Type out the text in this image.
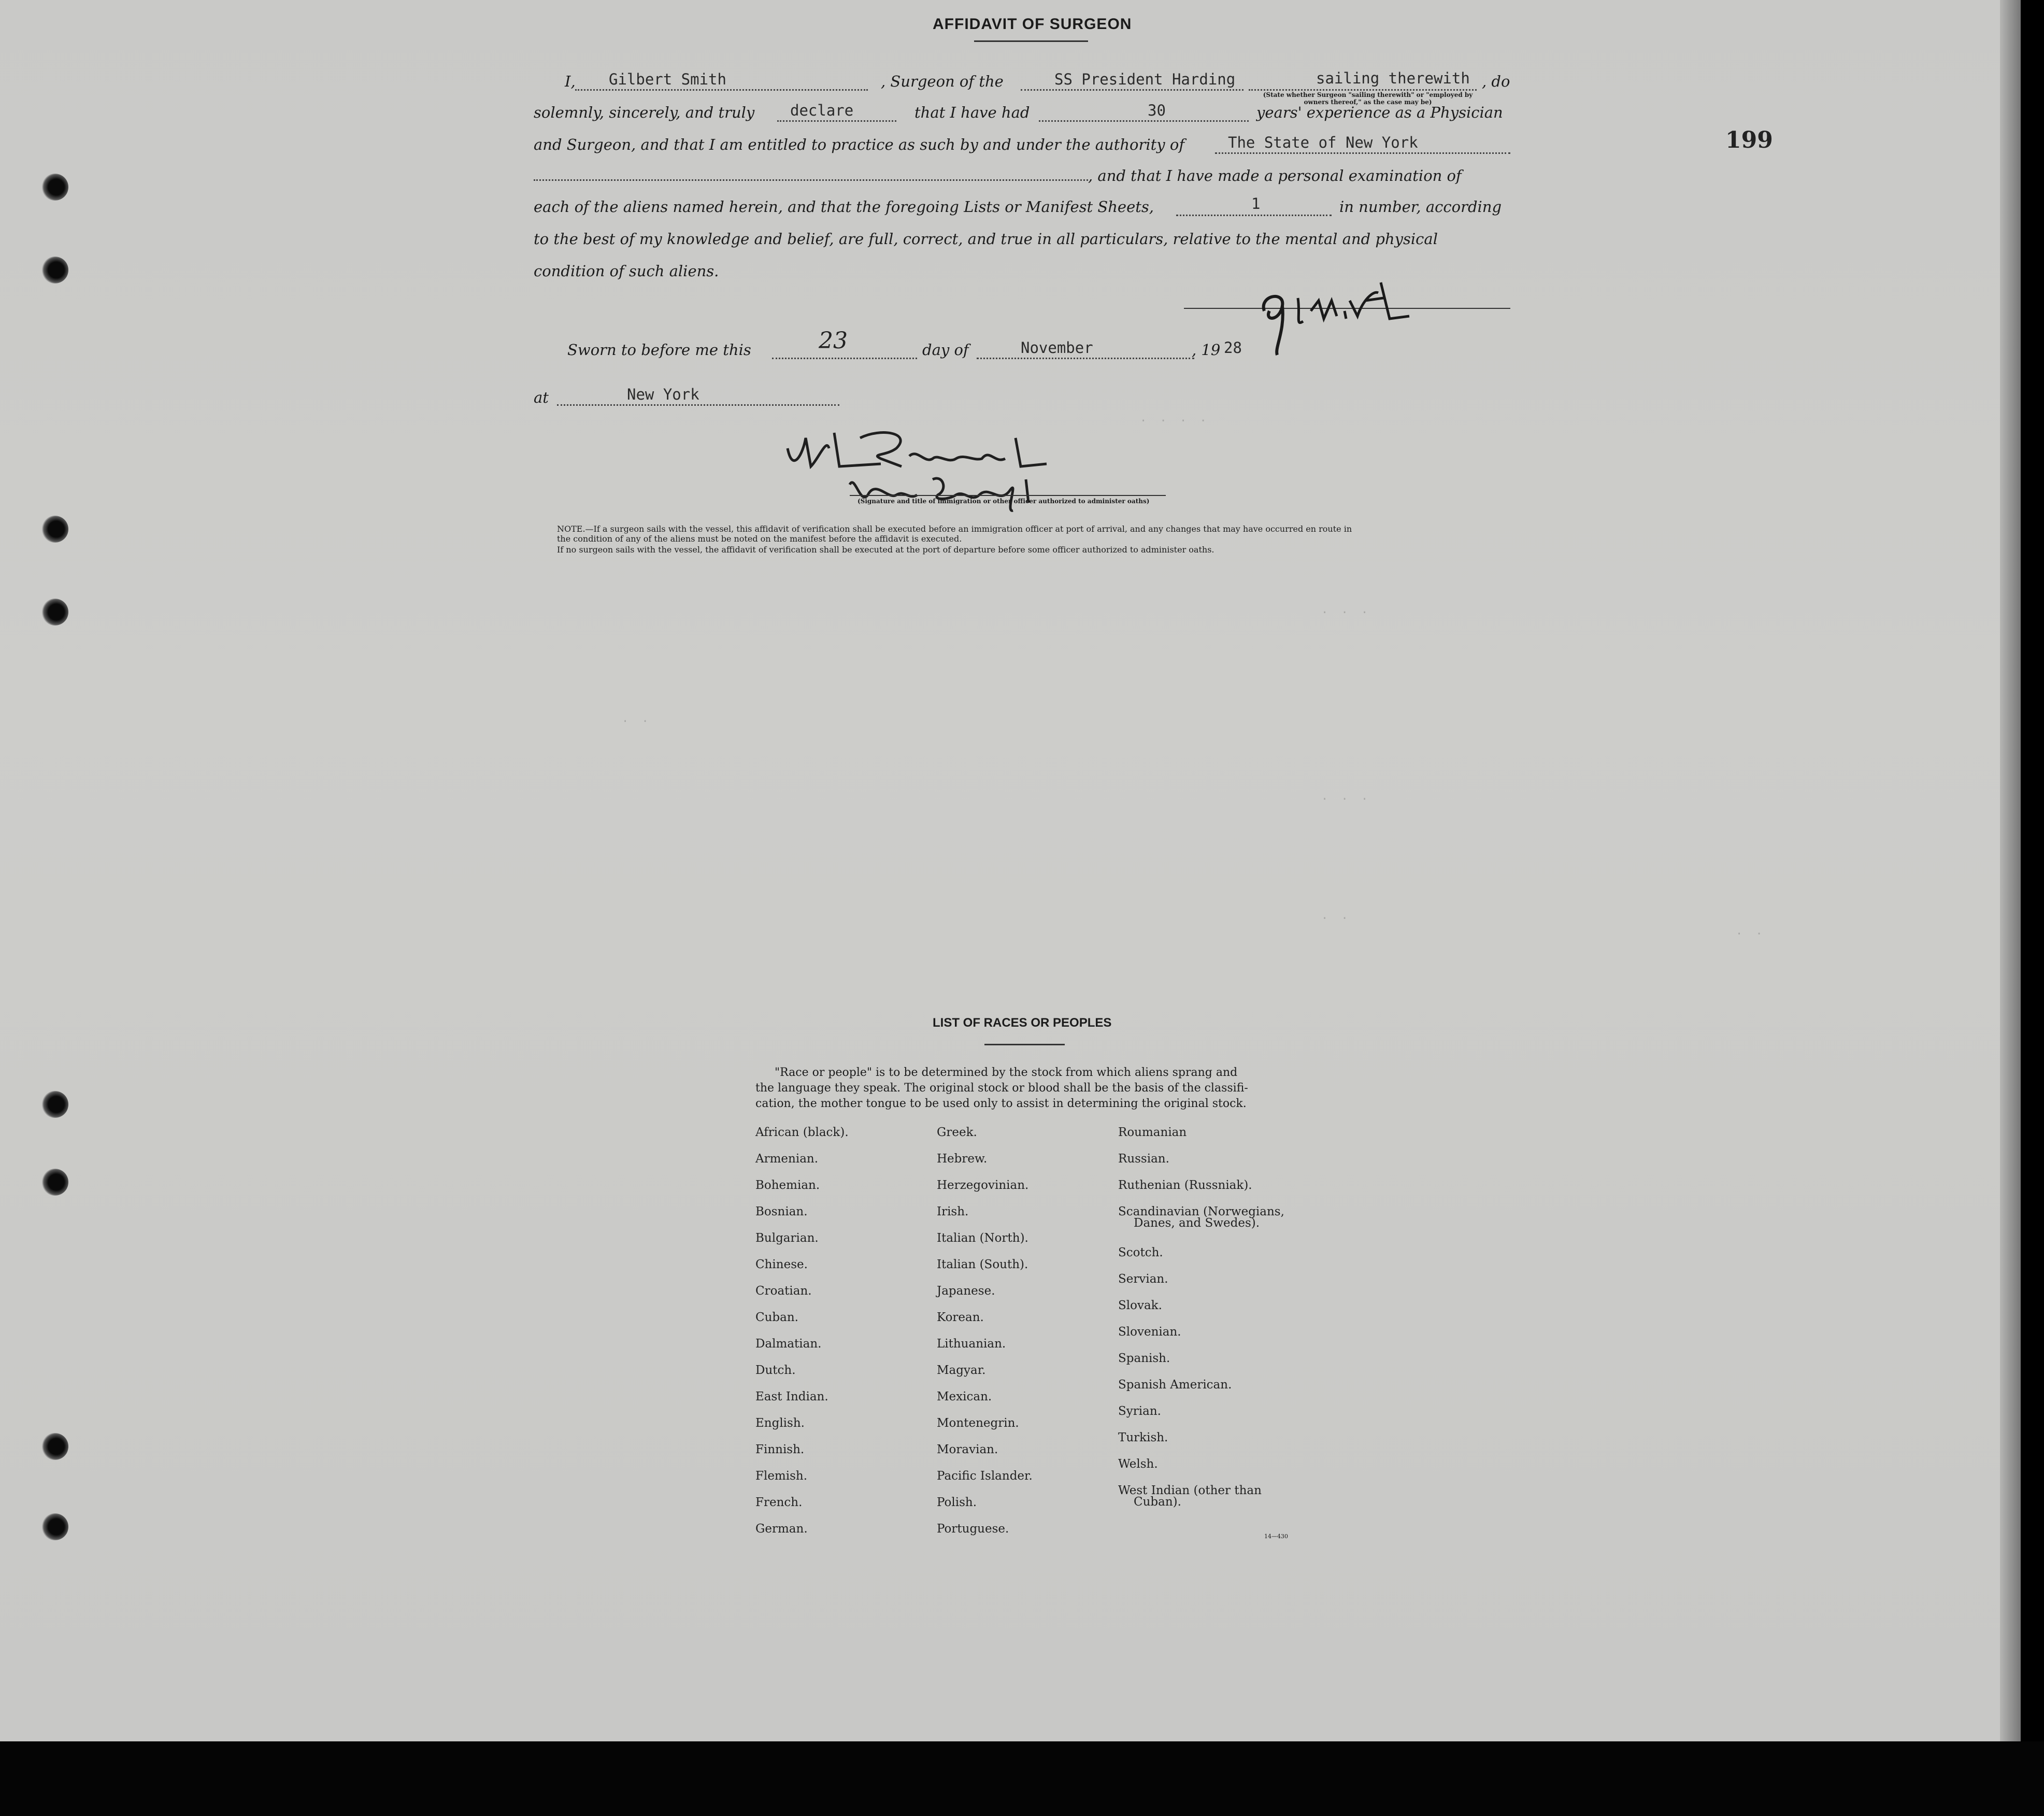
· · · ·
· · ·
· ·
· · ·
· ·
· ·
199
AFFIDAVIT OF SURGEON
I, Gilbert Smith	, Surgeon of the	SS President Harding	sailing therewith , do
(State whether Surgeon "sailing therewith" or "employed by owners thereof," as the case may be)
solemnly, sincerely, and truly declare	that I have had	30	years' experience as a Physician
and Surgeon, and that I am entitled to practice as such by and under the authority of	The State of New York
, and that I have made a personal examination of
each of the aliens named herein, and that the foregoing Lists or Manifest Sheets,	1	in number, according
to the best of my knowledge and belief, are full, correct, and true in all particulars, relative to the mental and physical
condition of such aliens.
Sworn to before me this	23	day of	November	, 19 28
at	New York
(Signature and title of immigration or other officer authorized to administer oaths)
NOTE.—If a surgeon sails with the vessel, this affidavit of verification shall be executed before an immigration officer at port of arrival, and any changes that may have occurred en route in
the condition of any of the aliens must be noted on the manifest before the affidavit is executed.
If no surgeon sails with the vessel, the affidavit of verification shall be executed at the port of departure before some officer authorized to administer oaths.
LIST OF RACES OR PEOPLES
"Race or people" is to be determined by the stock from which aliens sprang and
the language they speak. The original stock or blood shall be the basis of the classifi-
cation, the mother tongue to be used only to assist in determining the original stock.
African (black).
Armenian.
Bohemian.
Bosnian.
Bulgarian.
Chinese.
Croatian.
Cuban.
Dalmatian.
Dutch.
East Indian.
English.
Finnish.
Flemish.
French.
German.
Greek.
Hebrew.
Herzegovinian.
Irish.
Italian (North).
Italian (South).
Japanese.
Korean.
Lithuanian.
Magyar.
Mexican.
Montenegrin.
Moravian.
Pacific Islander.
Polish.
Portuguese.
Roumanian
Russian.
Ruthenian (Russniak).
Scandinavian (Norwegians,
Danes, and Swedes).
Scotch.
Servian.
Slovak.
Slovenian.
Spanish.
Spanish American.
Syrian.
Turkish.
Welsh.
West Indian (other than
Cuban).
14—430
